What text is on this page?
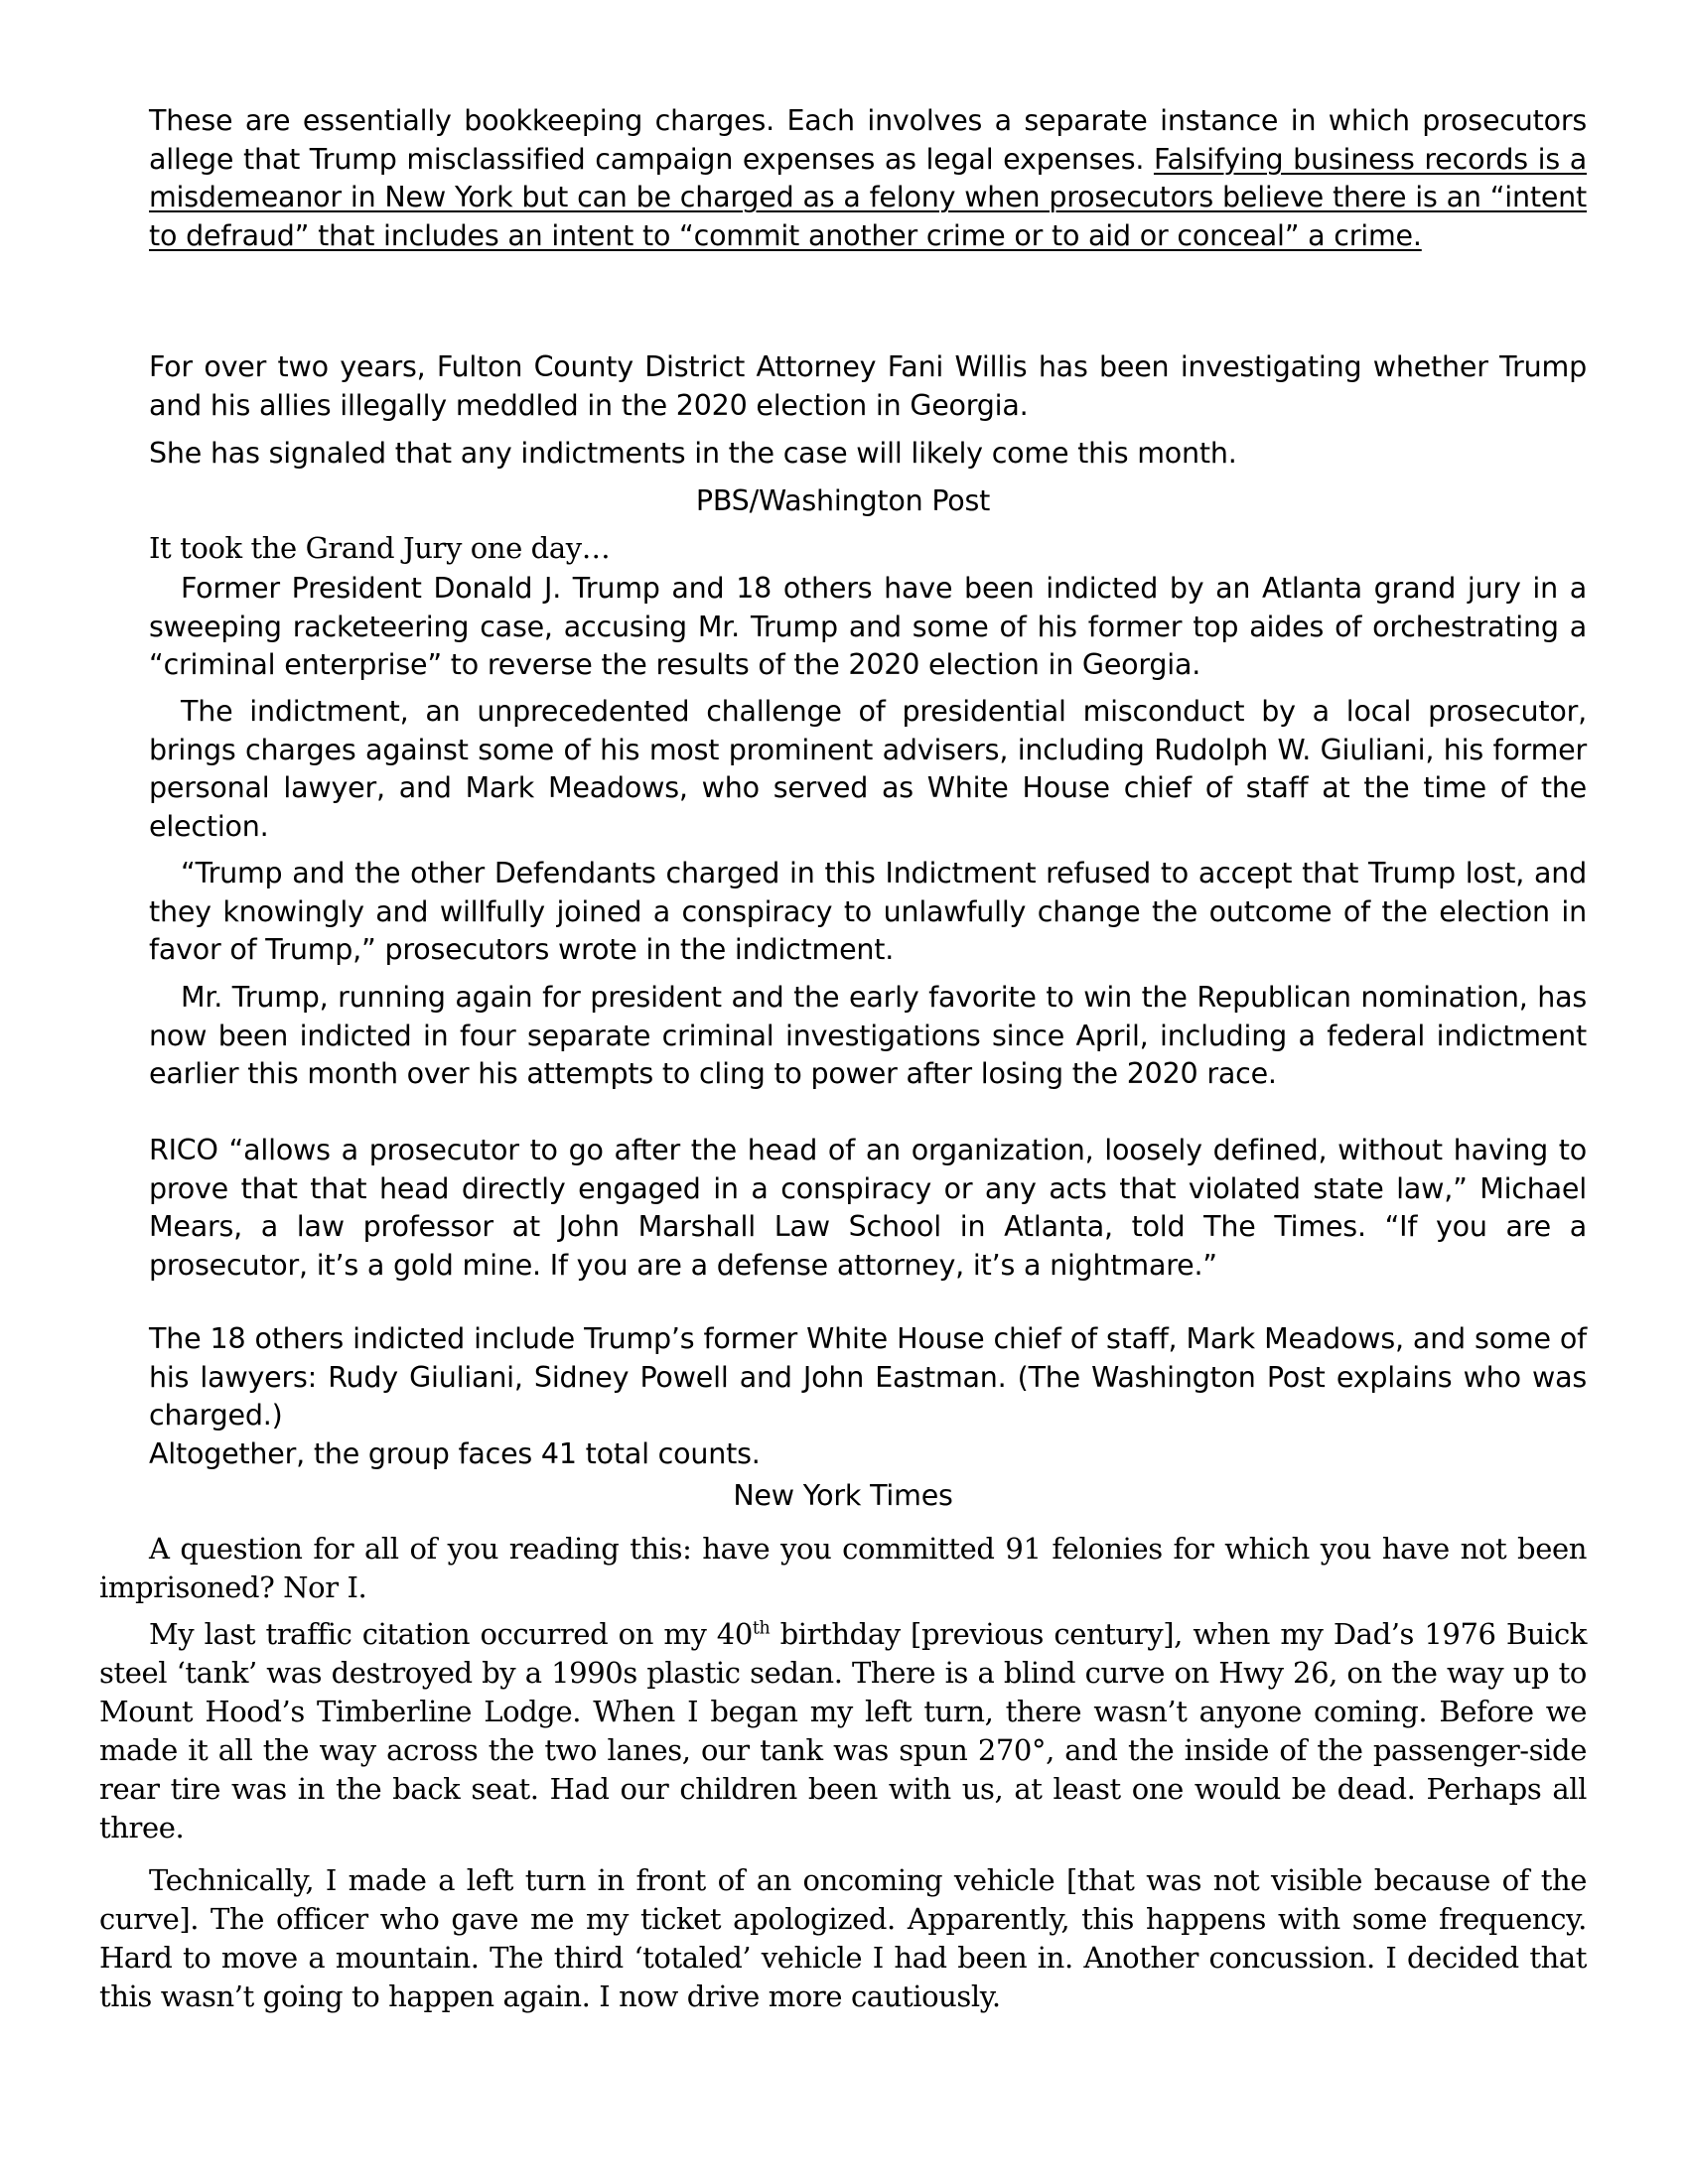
These are essentially bookkeeping charges. Each involves a separate instance in which prosecutors allege that Trump misclassified campaign expenses as legal expenses. Falsifying business records is a misdemeanor in New York but can be charged as a felony when prosecutors believe there is an “intent to defraud” that includes an intent to “commit another crime or to aid or conceal” a crime.

For over two years, Fulton County District Attorney Fani Willis has been investigating whether Trump and his allies illegally meddled in the 2020 election in Georgia.

She has signaled that any indictments in the case will likely come this month.

PBS/Washington Post

It took the Grand Jury one day…

Former President Donald J. Trump and 18 others have been indicted by an Atlanta grand jury in a sweeping racketeering case, accusing Mr. Trump and some of his former top aides of orchestrating a “criminal enterprise” to reverse the results of the 2020 election in Georgia.

The indictment, an unprecedented challenge of presidential misconduct by a local prosecutor, brings charges against some of his most prominent advisers, including Rudolph W. Giuliani, his former personal lawyer, and Mark Meadows, who served as White House chief of staff at the time of the election.

“Trump and the other Defendants charged in this Indictment refused to accept that Trump lost, and they knowingly and willfully joined a conspiracy to unlawfully change the outcome of the election in favor of Trump,” prosecutors wrote in the indictment.

Mr. Trump, running again for president and the early favorite to win the Republican nomination, has now been indicted in four separate criminal investigations since April, including a federal indictment earlier this month over his attempts to cling to power after losing the 2020 race.

RICO “allows a prosecutor to go after the head of an organization, loosely defined, without having to prove that that head directly engaged in a conspiracy or any acts that violated state law,” Michael Mears, a law professor at John Marshall Law School in Atlanta, told The Times. “If you are a prosecutor, it’s a gold mine. If you are a defense attorney, it’s a nightmare.”

The 18 others indicted include Trump’s former White House chief of staff, Mark Meadows, and some of his lawyers: Rudy Giuliani, Sidney Powell and John Eastman. (The Washington Post explains who was charged.)

Altogether, the group faces 41 total counts.

New York Times

A question for all of you reading this: have you committed 91 felonies for which you have not been imprisoned? Nor I.

My last traffic citation occurred on my 40th birthday [previous century], when my Dad’s 1976 Buick steel ‘tank’ was destroyed by a 1990s plastic sedan. There is a blind curve on Hwy 26, on the way up to Mount Hood’s Timberline Lodge. When I began my left turn, there wasn’t anyone coming. Before we made it all the way across the two lanes, our tank was spun 270°, and the inside of the passenger-side rear tire was in the back seat. Had our children been with us, at least one would be dead. Perhaps all three.

Technically, I made a left turn in front of an oncoming vehicle [that was not visible because of the curve]. The officer who gave me my ticket apologized. Apparently, this happens with some frequency. Hard to move a mountain. The third ‘totaled’ vehicle I had been in. Another concussion. I decided that this wasn’t going to happen again. I now drive more cautiously.
